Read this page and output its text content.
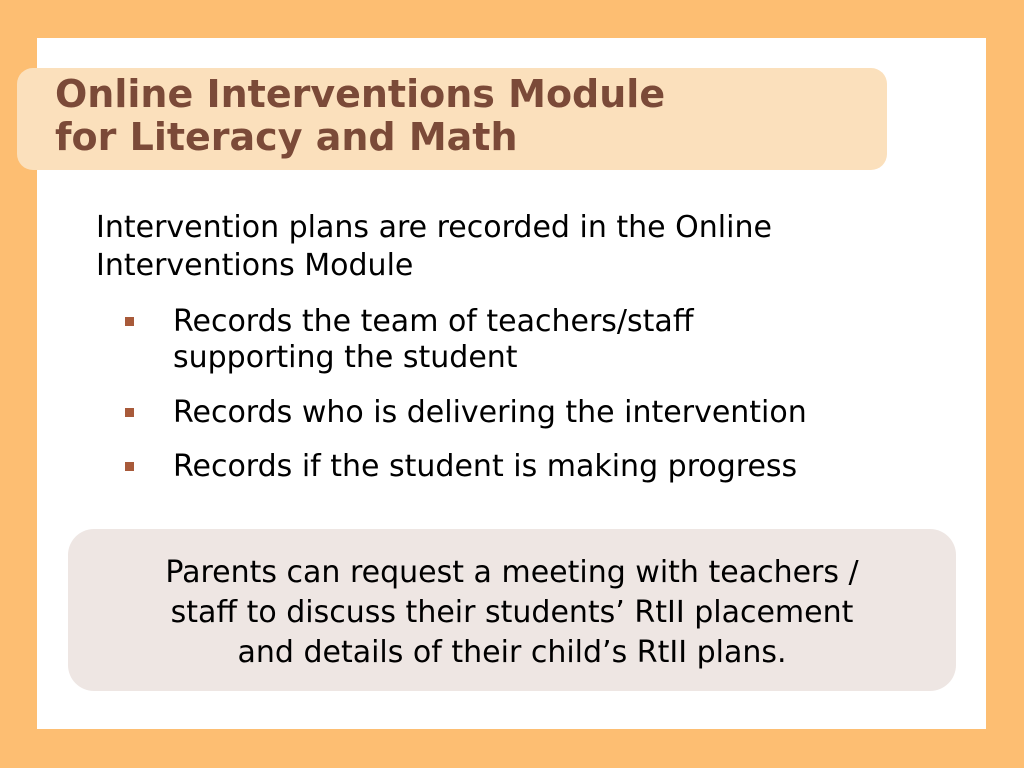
Online Interventions Module
for Literacy and Math
Intervention plans are recorded in the Online
Interventions Module
Records the team of teachers/staff
supporting the student
Records who is delivering the intervention
Records if the student is making progress
Parents can request a meeting with teachers /
staff to discuss their students’ RtII placement
and details of their child’s RtII plans.
